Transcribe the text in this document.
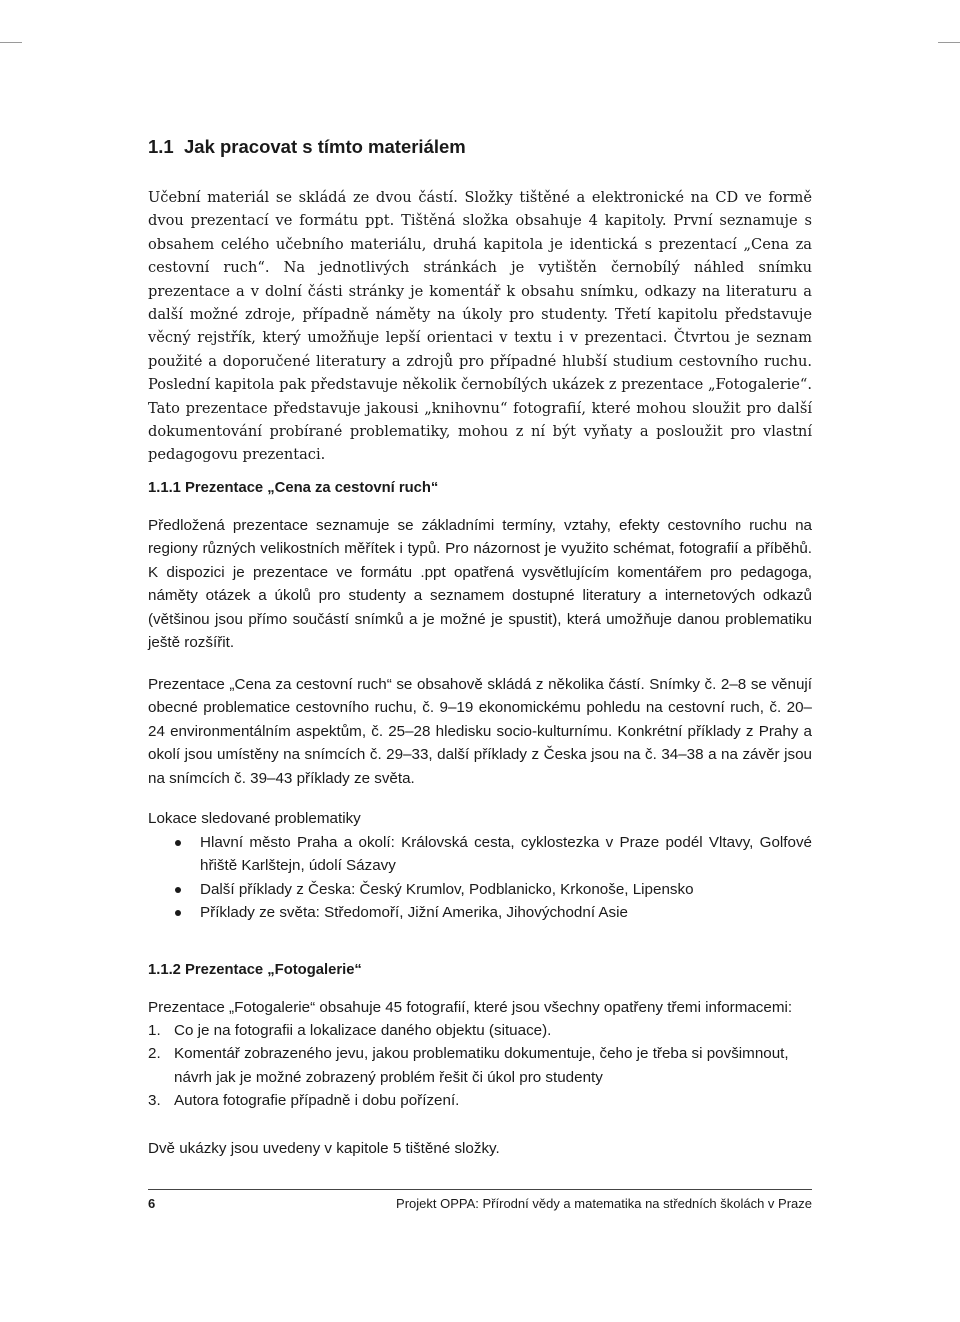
1.1 Jak pracovat s tímto materiálem

Učební materiál se skládá ze dvou částí. Složky tištěné a elektronické na CD ve formě dvou prezentací ve formátu ppt. Tištěná složka obsahuje 4 kapitoly. První seznamuje s obsahem celého učebního materiálu, druhá kapitola je identická s prezentací „Cena za cestovní ruch“. Na jednotlivých stránkách je vytištěn černobílý náhled snímku prezentace a v dolní části stránky je komentář k obsahu snímku, odkazy na literaturu a další možné zdroje, případně náměty na úkoly pro studenty. Třetí kapitolu představuje věcný rejstřík, který umožňuje lepší orientaci v textu i v prezentaci. Čtvrtou je seznam použité a doporučené literatury a zdrojů pro případné hlubší studium cestovního ruchu. Poslední kapitola pak představuje několik černobílých ukázek z prezentace „Fotogalerie“. Tato prezentace představuje jakousi „knihovnu“ fotografií, které mohou sloužit pro další dokumentování probírané problematiky, mohou z ní být vyňaty a posloužit pro vlastní pedagogovu prezentaci.

1.1.1 Prezentace „Cena za cestovní ruch“

Předložená prezentace seznamuje se základními termíny, vztahy, efekty cestovního ruchu na regiony různých velikostních měřítek i typů. Pro názornost je využito schémat, fotografií a příběhů. K dispozici je prezentace ve formátu .ppt opatřená vysvětlujícím komentářem pro pedagoga, náměty otázek a úkolů pro studenty a seznamem dostupné literatury a internetových odkazů (většinou jsou přímo součástí snímků a je možné je spustit), která umožňuje danou problematiku ještě rozšířit.

Prezentace „Cena za cestovní ruch“ se obsahově skládá z několika částí. Snímky č. 2–8 se věnují obecné problematice cestovního ruchu, č. 9–19 ekonomickému pohledu na cestovní ruch, č. 20–24 environmentálním aspektům, č. 25–28 hledisku socio-kulturnímu. Konkrétní příklady z Prahy a okolí jsou umístěny na snímcích č. 29–33, další příklady z Česka jsou na č. 34–38 a na závěr jsou na snímcích č. 39–43 příklady ze světa.

Lokace sledované problematiky

Hlavní město Praha a okolí: Královská cesta, cyklostezka v Praze podél Vltavy, Golfové hřiště Karlštejn, údolí Sázavy
Další příklady z Česka: Český Krumlov, Podblanicko, Krkonoše, Lipensko
Příklady ze světa: Středomoří, Jižní Amerika, Jihovýchodní Asie
1.1.2 Prezentace „Fotogalerie“

Prezentace „Fotogalerie“ obsahuje 45 fotografií, které jsou všechny opatřeny třemi informacemi:

1. Co je na fotografii a lokalizace daného objektu (situace).
2. Komentář zobrazeného jevu, jakou problematiku dokumentuje, čeho je třeba si povšimnout, návrh jak je možné zobrazený problém řešit či úkol pro studenty
3. Autora fotografie případně i dobu pořízení.

Dvě ukázky jsou uvedeny v kapitole 5 tištěné složky.

6	Projekt OPPA: Přírodní vědy a matematika na středních školách v Praze
